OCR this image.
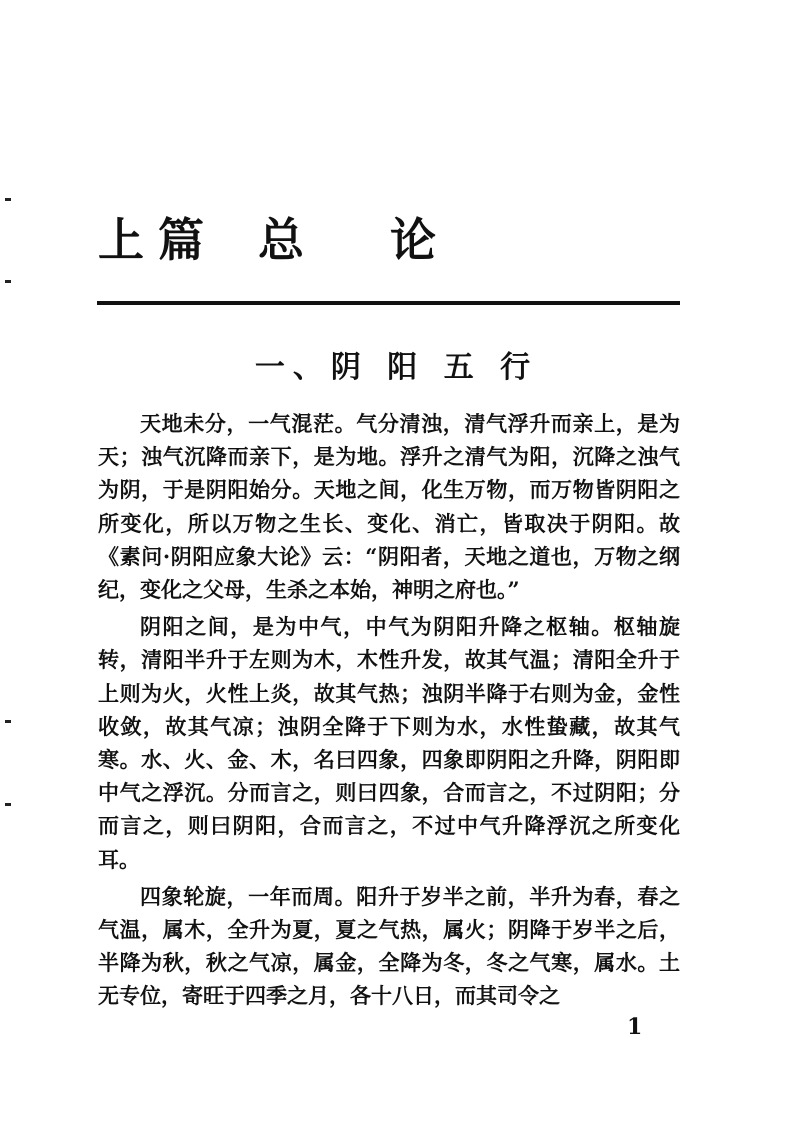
上 篇 总 论
一、阴 阳 五 行

天地未分，一气混茫。气分清浊，清气浮升而亲上，是为天；浊气沉降而亲下，是为地。浮升之清气为阳，沉降之浊气为阴，于是阴阳始分。天地之间，化生万物，而万物皆阴阳之所变化，所以万物之生长、变化、消亡，皆取决于阴阳。故《素问·阴阳应象大论》云：“阴阳者，天地之道也，万物之纲纪，变化之父母，生杀之本始，神明之府也。”

阴阳之间，是为中气，中气为阴阳升降之枢轴。枢轴旋转，清阳半升于左则为木，木性升发，故其气温；清阳全升于上则为火，火性上炎，故其气热；浊阴半降于右则为金，金性收敛，故其气凉；浊阴全降于下则为水，水性蛰藏，故其气寒。水、火、金、木，名曰四象，四象即阴阳之升降，阴阳即中气之浮沉。分而言之，则曰四象，合而言之，不过阴阳；分而言之，则曰阴阳，合而言之，不过中气升降浮沉之所变化耳。

四象轮旋，一年而周。阳升于岁半之前，半升为春，春之气温，属木，全升为夏，夏之气热，属火；阴降于岁半之后，半降为秋，秋之气凉，属金，全降为冬，冬之气寒，属水。土无专位，寄旺于四季之月，各十八日，而其司令之

1
